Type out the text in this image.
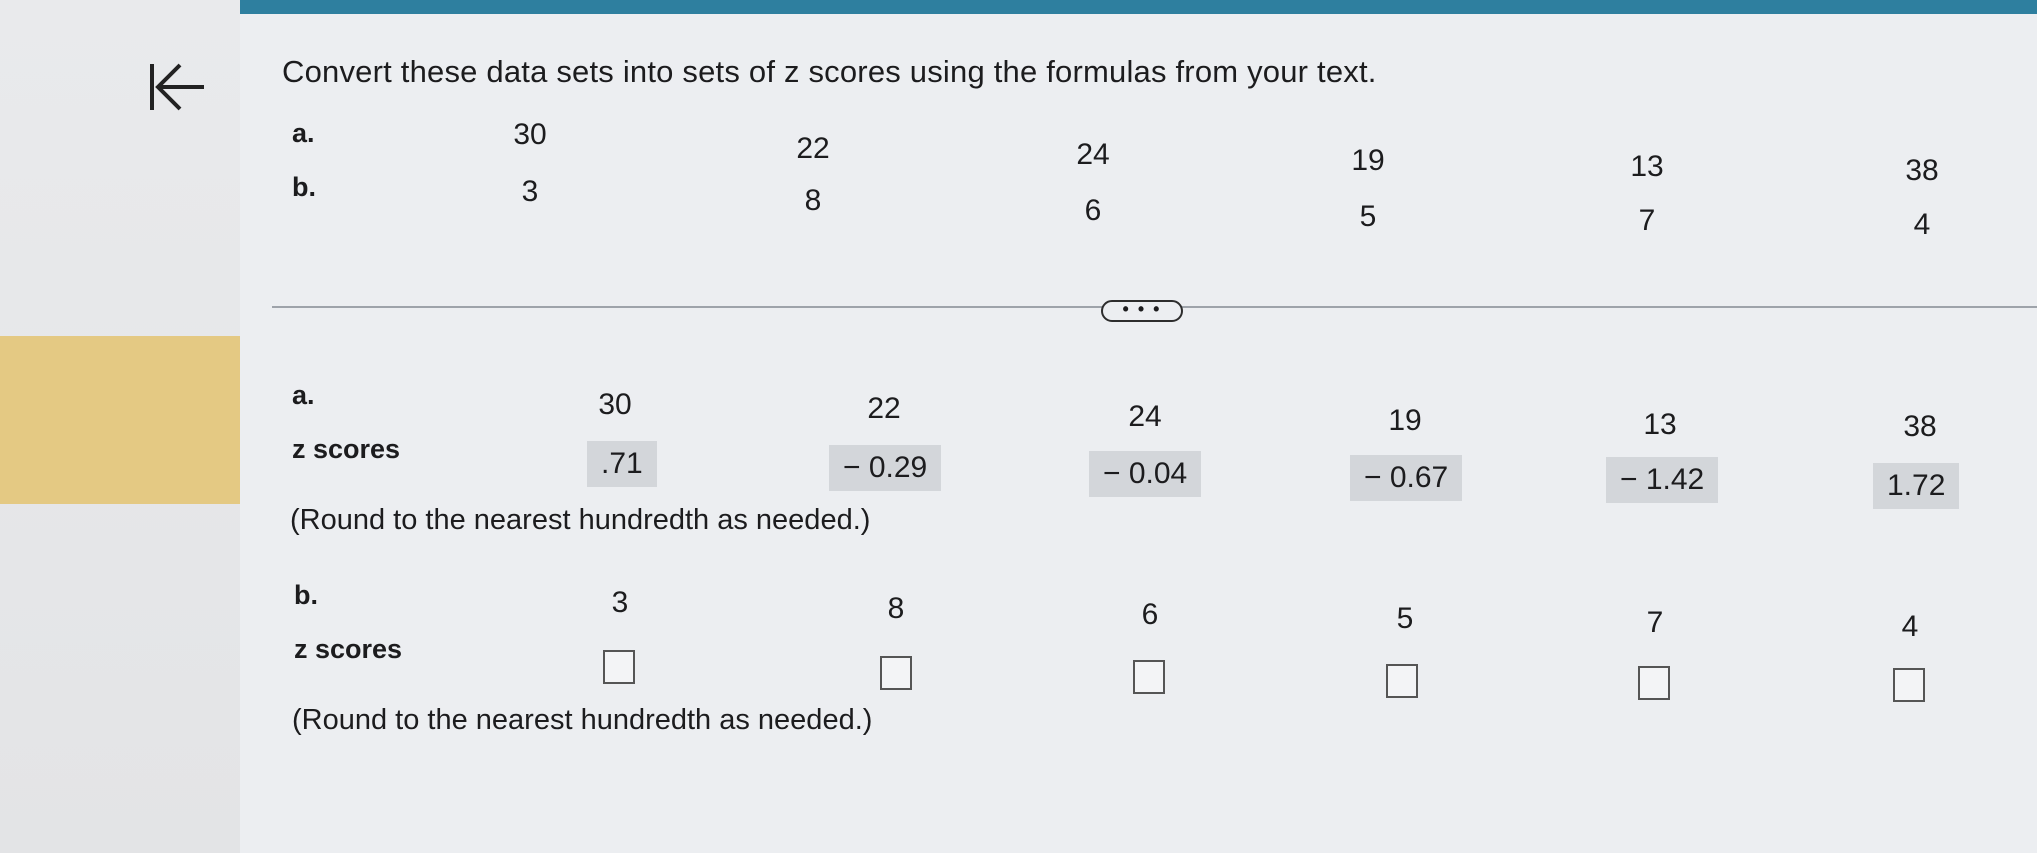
Convert these data sets into sets of z scores using the formulas from your text.
a.	30	22	24	19	13	38
b.	3	8	6	5	7	4
• • •
a.	30	22	24	19	13	38
z scores	.71	− 0.29	− 0.04	− 0.67	− 1.42	1.72
(Round to the nearest hundredth as needed.)
b.	3	8	6	5	7	4
z scores
(Round to the nearest hundredth as needed.)
